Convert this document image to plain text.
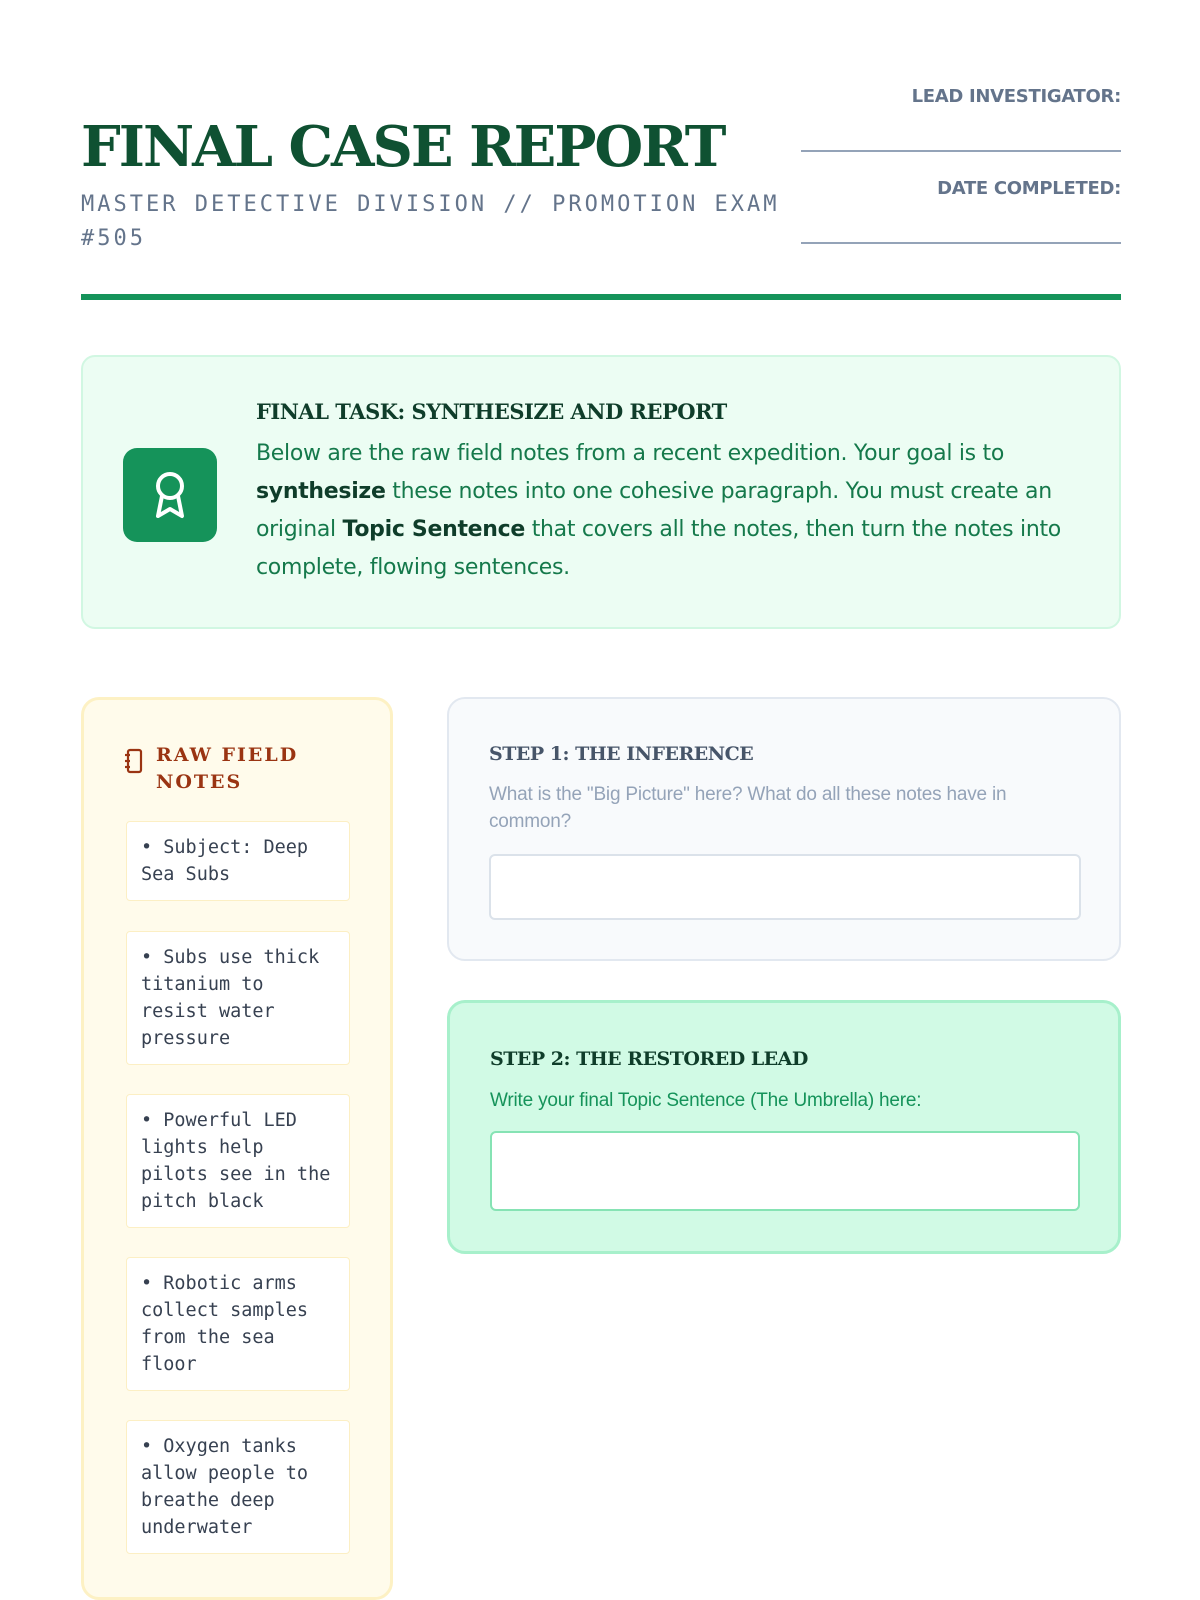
FINAL CASE REPORT
MASTER DETECTIVE DIVISION // PROMOTION EXAM #505
LEAD INVESTIGATOR:
DATE COMPLETED:
FINAL TASK: SYNTHESIZE AND REPORT

Below are the raw field notes from a recent expedition. Your goal is to synthesize these notes into one cohesive paragraph. You must create an original Topic Sentence that covers all the notes, then turn the notes into complete, flowing sentences.

RAW FIELD NOTES
• Subject: Deep Sea Subs
• Subs use thick titanium to resist water pressure
• Powerful LED lights help pilots see in the pitch black
• Robotic arms collect samples from the sea floor
• Oxygen tanks allow people to breathe deep underwater
STEP 1: THE INFERENCE
What is the "Big Picture" here? What do all these notes have in common?
STEP 2: THE RESTORED LEAD
Write your final Topic Sentence (The Umbrella) here:
